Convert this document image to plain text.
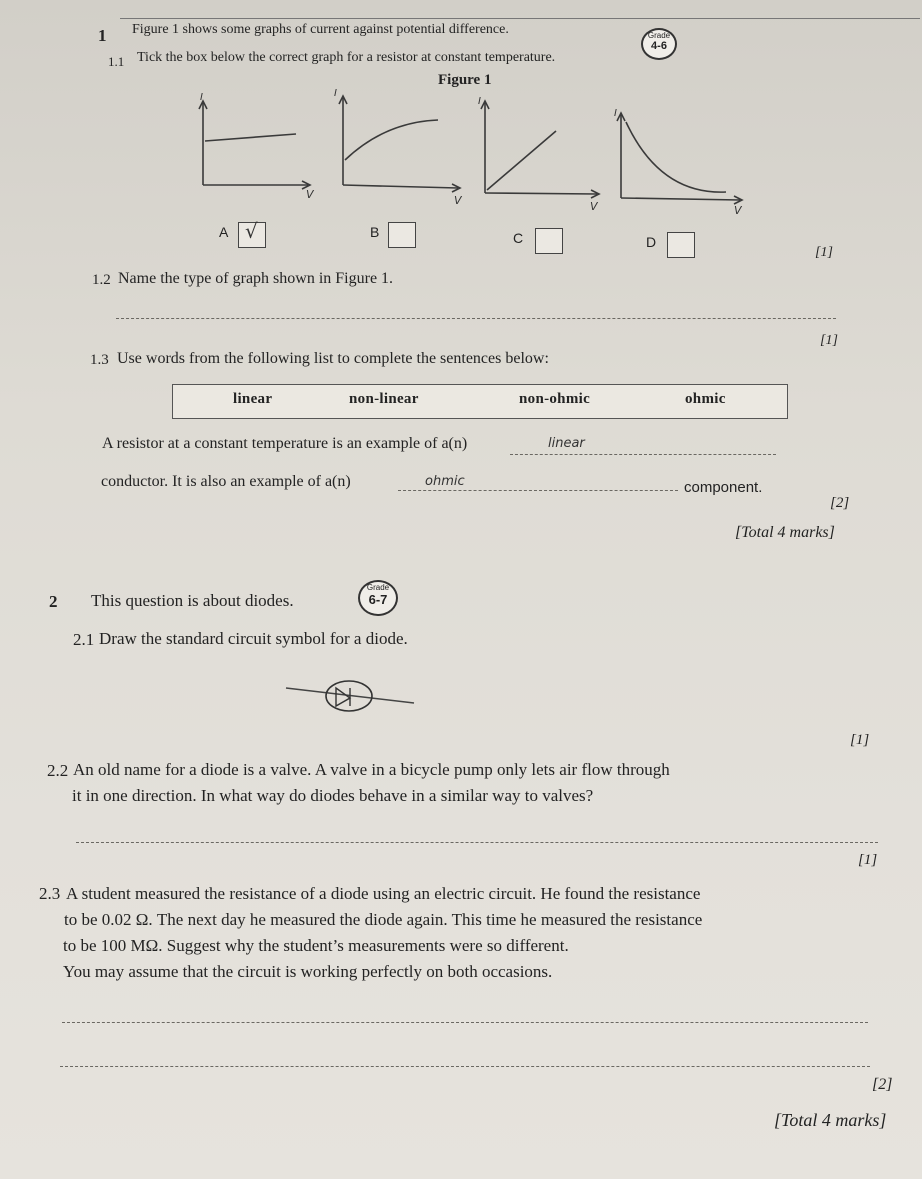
1 Figure 1 shows some graphs of current against potential difference.	Grade
4-6
1.1 Tick the box below the correct graph for a resistor at constant temperature.
Figure 1
I
V
I
V
I
V
I
V
A √	B	C	D
[1]
1.2 Name the type of graph shown in Figure 1.
[1]
1.3 Use words from the following list to complete the sentences below:
linear	non-linear	non-ohmic	ohmic
A resistor at a constant temperature is an example of a(n)	linear
conductor. It is also an example of a(n)	ohmic	component.
[2]
[Total 4 marks]
2 This question is about diodes.
Grade
6-7
2.1 Draw the standard circuit symbol for a diode.
[1]
2.2 An old name for a diode is a valve. A valve in a bicycle pump only lets air flow through
it in one direction. In what way do diodes behave in a similar way to valves?
[1]
2.3 A student measured the resistance of a diode using an electric circuit. He found the resistance
to be 0.02 Ω. The next day he measured the diode again. This time he measured the resistance
to be 100 MΩ. Suggest why the student’s measurements were so different.
You may assume that the circuit is working perfectly on both occasions.
[2]
[Total 4 marks]
